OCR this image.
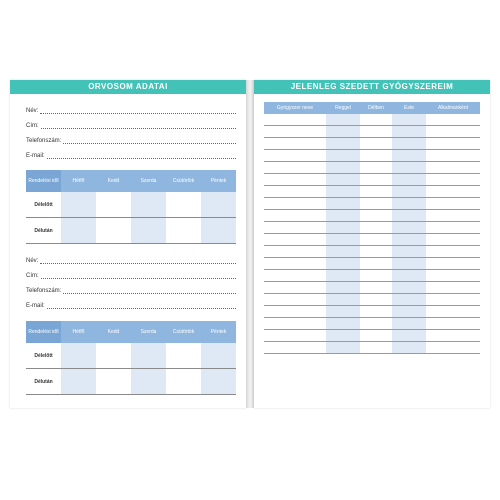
ORVOSOM ADATAI
Név:
Cím:
Telefonszám:
E-mail:
Rendelési idő	Hétfő	Kedd	Szerda	Csütörtök	Péntek
Délelőtt					
Délután					
Név:
Cím:
Telefonszám:
E-mail:
Rendelési idő	Hétfő	Kedd	Szerda	Csütörtök	Péntek
Délelőtt					
Délután					
JELENLEG SZEDETT GYÓGYSZEREIM
Gyógyszer neve	Reggel	Délben	Este	Alkalmanként
